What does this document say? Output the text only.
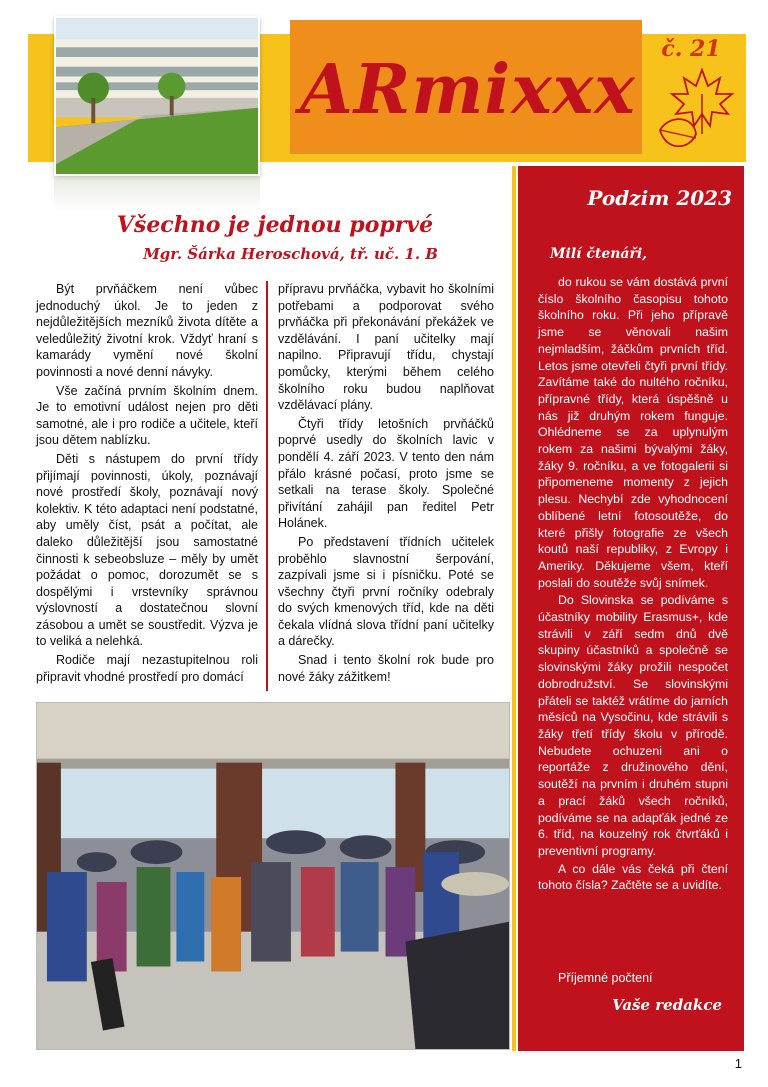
ARmixxx
č. 21
Všechno je jednou poprvé
Mgr. Šárka Heroschová, tř. uč. 1. B

Být prvňáčkem není vůbec jednoduchý úkol. Je to jeden z nejdůležitějších mezníků života dítěte a veledůležitý životní krok. Vždyť hraní s kamarády vymění nové školní povinnosti a nové denní návyky.

Vše začíná prvním školním dnem. Je to emotivní událost nejen pro děti samotné, ale i pro rodiče a učitele, kteří jsou dětem nablízku.

Děti s nástupem do první třídy přijímají povinnosti, úkoly, poznávají nové prostředí školy, poznávají nový kolektiv. K této adaptaci není podstatné, aby uměly číst, psát a počítat, ale daleko důležitější jsou samostatné činnosti k sebeobsluze – měly by umět požádat o pomoc, dorozumět se s dospělými i vrstevníky správnou výslovností a dostatečnou slovní zásobou a umět se soustředit. Výzva je to veliká a nelehká.

Rodiče mají nezastupitelnou roli připravit vhodné prostředí pro domácí

přípravu prvňáčka, vybavit ho školními potřebami a podporovat svého prvňáčka při překonávání překážek ve vzdělávání. I paní učitelky mají napilno. Připravují třídu, chystají pomůcky, kterými během celého školního roku budou naplňovat vzdělávací plány.

Čtyři třídy letošních prvňáčků poprvé usedly do školních lavic v pondělí 4. září 2023. V tento den nám přálo krásné počasí, proto jsme se setkali na terase školy. Společné přivítání zahájil pan ředitel Petr Holánek.

Po představení třídních učitelek proběhlo slavnostní šerpování, zazpívali jsme si i písničku. Poté se všechny čtyři první ročníky odebraly do svých kmenových tříd, kde na děti čekala vlídná slova třídní paní učitelky a dárečky.

Snad i tento školní rok bude pro nové žáky zážitkem!

Podzim 2023
Milí čtenáři,

do rukou se vám dostává první číslo školního časopisu tohoto školního roku. Při jeho přípravě jsme se věnovali našim nejmladším, žáčkům prvních tříd. Letos jsme otevřeli čtyři první třídy. Zavítáme také do nultého ročníku, přípravné třídy, která úspěšně u nás již druhým rokem funguje. Ohlédneme se za uplynulým rokem za našimi bývalými žáky, žáky 9. ročníku, a ve fotogalerii si připomeneme momenty z jejich plesu. Nechybí zde vyhodnocení oblíbené letní fotosoutěže, do které přišly fotografie ze všech koutů naší republiky, z Evropy i Ameriky. Děkujeme všem, kteří poslali do soutěže svůj snímek.

Do Slovinska se podíváme s účastníky mobility Erasmus+, kde strávili v září sedm dnů dvě skupiny účastníků a společně se slovinskými žáky prožili nespočet dobrodružství. Se slovinskými přáteli se taktéž vrátíme do jarních měsíců na Vysočinu, kde strávili s žáky třetí třídy školu v přírodě. Nebudete ochuzeni ani o reportáže z družinového dění, soutěží na prvním i druhém stupni a prací žáků všech ročníků, podíváme se na adapťák jedné ze 6. tříd, na kouzelný rok čtvrťáků i preventivní programy.

A co dále vás čeká při čtení tohoto čísla? Začtěte se a uvidíte.

Příjemné počtení
Vaše redakce
1
